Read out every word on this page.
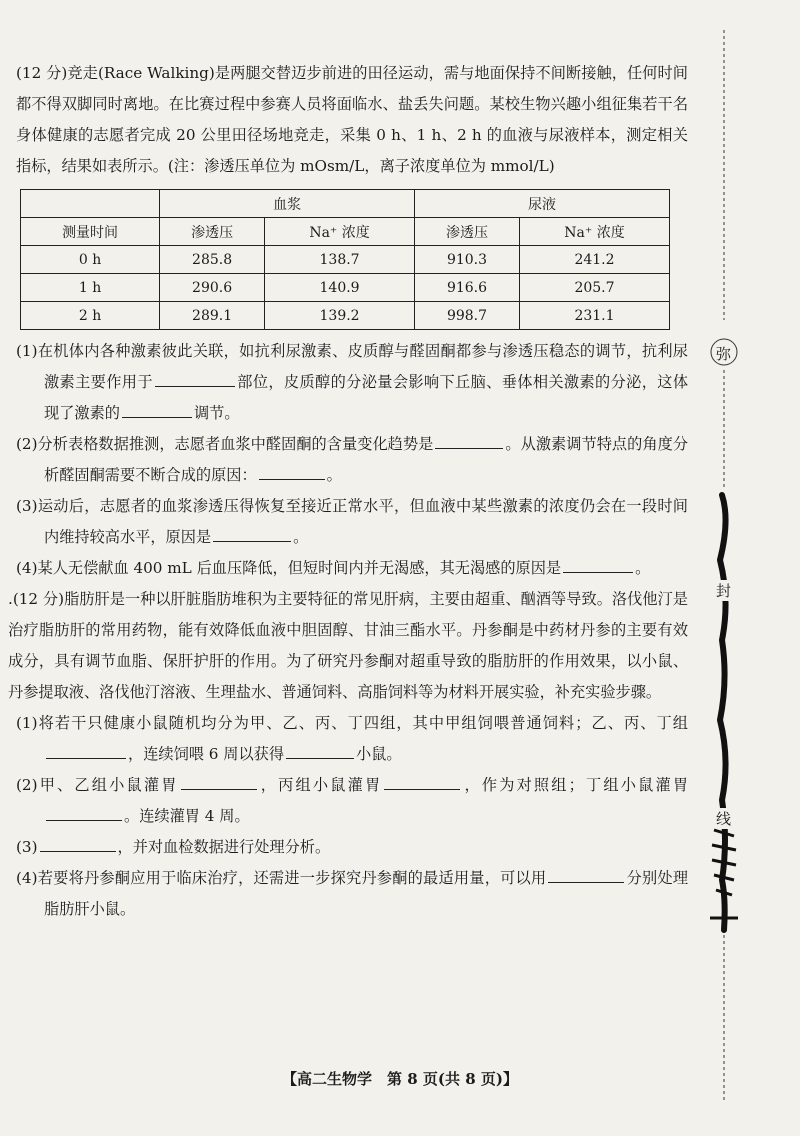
(12 分)竞走(Race Walking)是两腿交替迈步前进的田径运动，需与地面保持不间断接触，任何时间都不得双脚同时离地。在比赛过程中参赛人员将面临水、盐丢失问题。某校生物兴趣小组征集若干名身体健康的志愿者完成 20 公里田径场地竞走，采集 0 h、1 h、2 h 的血液与尿液样本，测定相关指标，结果如表所示。(注：渗透压单位为 mOsm/L，离子浓度单位为 mmol/L)

	血浆		尿液	
测量时间	渗透压	Na⁺ 浓度	渗透压	Na⁺ 浓度
0 h	285.8	138.7	910.3	241.2
1 h	290.6	140.9	916.6	205.7
2 h	289.1	139.2	998.7	231.1

(1)在机体内各种激素彼此关联，如抗利尿激素、皮质醇与醛固酮都参与渗透压稳态的调节，抗利尿激素主要作用于	部位，皮质醇的分泌量会影响下丘脑、垂体相关激素的分泌，这体现了激素的	调节。

(2)分析表格数据推测，志愿者血浆中醛固酮的含量变化趋势是	。从激素调节特点的角度分析醛固酮需要不断合成的原因：	。

(3)运动后，志愿者的血浆渗透压得恢复至接近正常水平，但血液中某些激素的浓度仍会在一段时间内维持较高水平，原因是	。

(4)某人无偿献血 400 mL 后血压降低，但短时间内并无渴感，其无渴感的原因是	。

.(12 分)脂肪肝是一种以肝脏脂肪堆积为主要特征的常见肝病，主要由超重、酗酒等导致。洛伐他汀是治疗脂肪肝的常用药物，能有效降低血液中胆固醇、甘油三酯水平。丹参酮是中药材丹参的主要有效成分，具有调节血脂、保肝护肝的作用。为了研究丹参酮对超重导致的脂肪肝的作用效果，以小鼠、丹参提取液、洛伐他汀溶液、生理盐水、普通饲料、高脂饲料等为材料开展实验，补充实验步骤。

(1)将若干只健康小鼠随机均分为甲、乙、丙、丁四组，其中甲组饲喂普通饲料；乙、丙、丁组，连续饲喂 6 周以获得	小鼠。

(2)甲、乙组小鼠灌胃	，丙组小鼠灌胃	，作为对照组；丁组小鼠灌胃。连续灌胃 4 周。

(3)	，并对血检数据进行处理分析。

(4)若要将丹参酮应用于临床治疗，还需进一步探究丹参酮的最适用量，可以用	分别处理脂肪肝小鼠。

弥
封
线
【高二生物学　第 8 页(共 8 页)】
